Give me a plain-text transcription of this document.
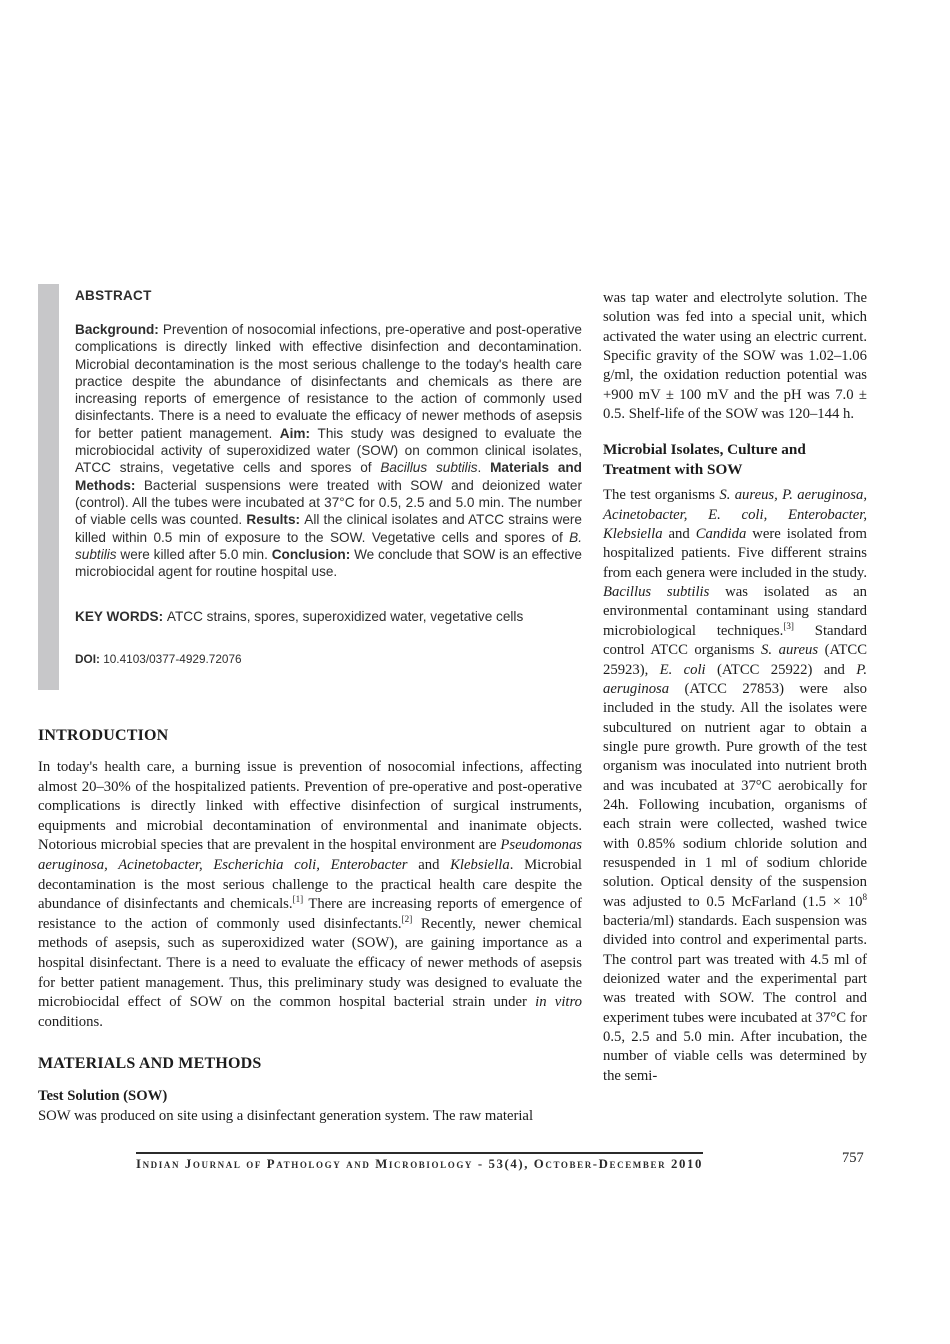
ABSTRACT

Background: Prevention of nosocomial infections, pre-operative and post-operative complications is directly linked with effective disinfection and decontamination. Microbial decontamination is the most serious challenge to the today's health care practice despite the abundance of disinfectants and chemicals as there are increasing reports of emergence of resistance to the action of commonly used disinfectants. There is a need to evaluate the efficacy of newer methods of asepsis for better patient management. Aim: This study was designed to evaluate the microbiocidal activity of superoxidized water (SOW) on common clinical isolates, ATCC strains, vegetative cells and spores of Bacillus subtilis. Materials and Methods: Bacterial suspensions were treated with SOW and deionized water (control). All the tubes were incubated at 37°C for 0.5, 2.5 and 5.0 min. The number of viable cells was counted. Results: All the clinical isolates and ATCC strains were killed within 0.5 min of exposure to the SOW. Vegetative cells and spores of B. subtilis were killed after 5.0 min. Conclusion: We conclude that SOW is an effective microbiocidal agent for routine hospital use.

KEY WORDS: ATCC strains, spores, superoxidized water, vegetative cells

DOI: 10.4103/0377-4929.72076

INTRODUCTION

In today's health care, a burning issue is prevention of nosocomial infections, affecting almost 20–30% of the hospitalized patients. Prevention of pre-operative and post-operative complications is directly linked with effective disinfection of surgical instruments, equipments and microbial decontamination of environmental and inanimate objects. Notorious microbial species that are prevalent in the hospital environment are Pseudomonas aeruginosa, Acinetobacter, Escherichia coli, Enterobacter and Klebsiella. Microbial decontamination is the most serious challenge to the practical health care despite the abundance of disinfectants and chemicals.[1] There are increasing reports of emergence of resistance to the action of commonly used disinfectants.[2] Recently, newer chemical methods of asepsis, such as superoxidized water (SOW), are gaining importance as a hospital disinfectant. There is a need to evaluate the efficacy of newer methods of asepsis for better patient management. Thus, this preliminary study was designed to evaluate the microbiocidal effect of SOW on the common hospital bacterial strain under in vitro conditions.

MATERIALS AND METHODS
Test Solution (SOW)

SOW was produced on site using a disinfectant generation system. The raw material

was tap water and electrolyte solution. The solution was fed into a special unit, which activated the water using an electric current. Specific gravity of the SOW was 1.02–1.06 g/ml, the oxidation reduction potential was +900 mV ± 100 mV and the pH was 7.0 ± 0.5. Shelf-life of the SOW was 120–144 h.

Microbial Isolates, Culture and Treatment with SOW

The test organisms S. aureus, P. aeruginosa, Acinetobacter, E. coli, Enterobacter, Klebsiella and Candida were isolated from hospitalized patients. Five different strains from each genera were included in the study. Bacillus subtilis was isolated as an environmental contaminant using standard microbiological techniques.[3] Standard control ATCC organisms S. aureus (ATCC 25923), E. coli (ATCC 25922) and P. aeruginosa (ATCC 27853) were also included in the study. All the isolates were subcultured on nutrient agar to obtain a single pure growth. Pure growth of the test organism was inoculated into nutrient broth and was incubated at 37°C aerobically for 24h. Following incubation, organisms of each strain were collected, washed twice with 0.85% sodium chloride solution and resuspended in 1 ml of sodium chloride solution. Optical density of the suspension was adjusted to 0.5 McFarland ($1.5 \times 10^8$ bacteria/ml) standards. Each suspension was divided into control and experimental parts. The control part was treated with 4.5 ml of deionized water and the experimental part was treated with SOW. The control and experiment tubes were incubated at 37°C for 0.5, 2.5 and 5.0 min. After incubation, the number of viable cells was determined by the semi-

Indian Journal of Pathology and Microbiology - 53(4), October-December 2010	757
